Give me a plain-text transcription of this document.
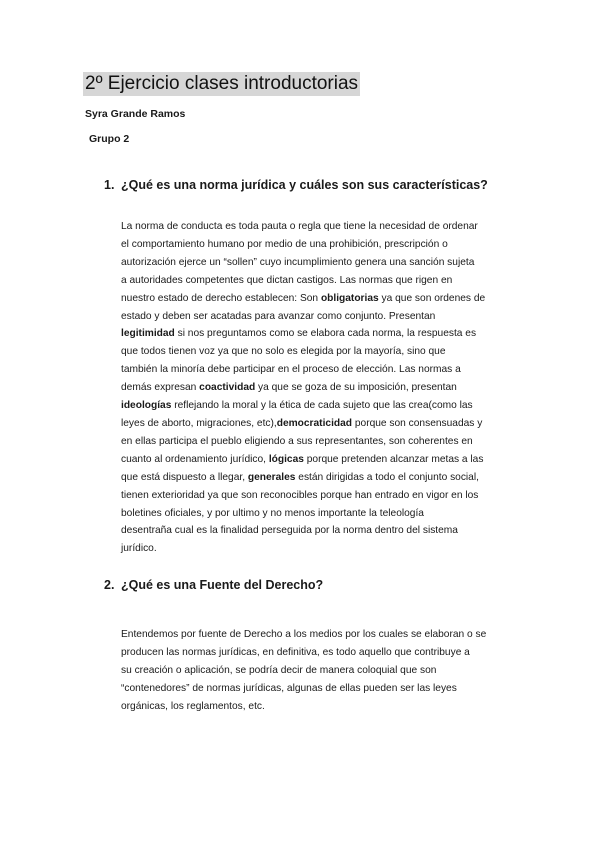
2º Ejercicio clases introductorias
Syra Grande Ramos
Grupo 2
1. ¿Qué es una norma jurídica y cuáles son sus características?
La norma de conducta es toda pauta o regla que tiene la necesidad de ordenar
el comportamiento humano por medio de una prohibición, prescripción o
autorización ejerce un “sollen” cuyo incumplimiento genera una sanción sujeta
a autoridades competentes que dictan castigos. Las normas que rigen en
nuestro estado de derecho establecen: Son obligatorias ya que son ordenes de
estado y deben ser acatadas para avanzar como conjunto. Presentan
legitimidad si nos preguntamos como se elabora cada norma, la respuesta es
que todos tienen voz ya que no solo es elegida por la mayoría, sino que
también la minoría debe participar en el proceso de elección. Las normas a
demás expresan coactividad ya que se goza de su imposición, presentan
ideologías reflejando la moral y la ética de cada sujeto que las crea(como las
leyes de aborto, migraciones, etc),democraticidad porque son consensuadas y
en ellas participa el pueblo eligiendo a sus representantes, son coherentes en
cuanto al ordenamiento jurídico, lógicas porque pretenden alcanzar metas a las
que está dispuesto a llegar, generales están dirigidas a todo el conjunto social,
tienen exterioridad ya que son reconocibles porque han entrado en vigor en los
boletines oficiales, y por ultimo y no menos importante la teleología
desentraña cual es la finalidad perseguida por la norma dentro del sistema
jurídico.
2. ¿Qué es una Fuente del Derecho?
Entendemos por fuente de Derecho a los medios por los cuales se elaboran o se
producen las normas jurídicas, en definitiva, es todo aquello que contribuye a
su creación o aplicación, se podría decir de manera coloquial que son
“contenedores” de normas jurídicas, algunas de ellas pueden ser las leyes
orgánicas, los reglamentos, etc.
